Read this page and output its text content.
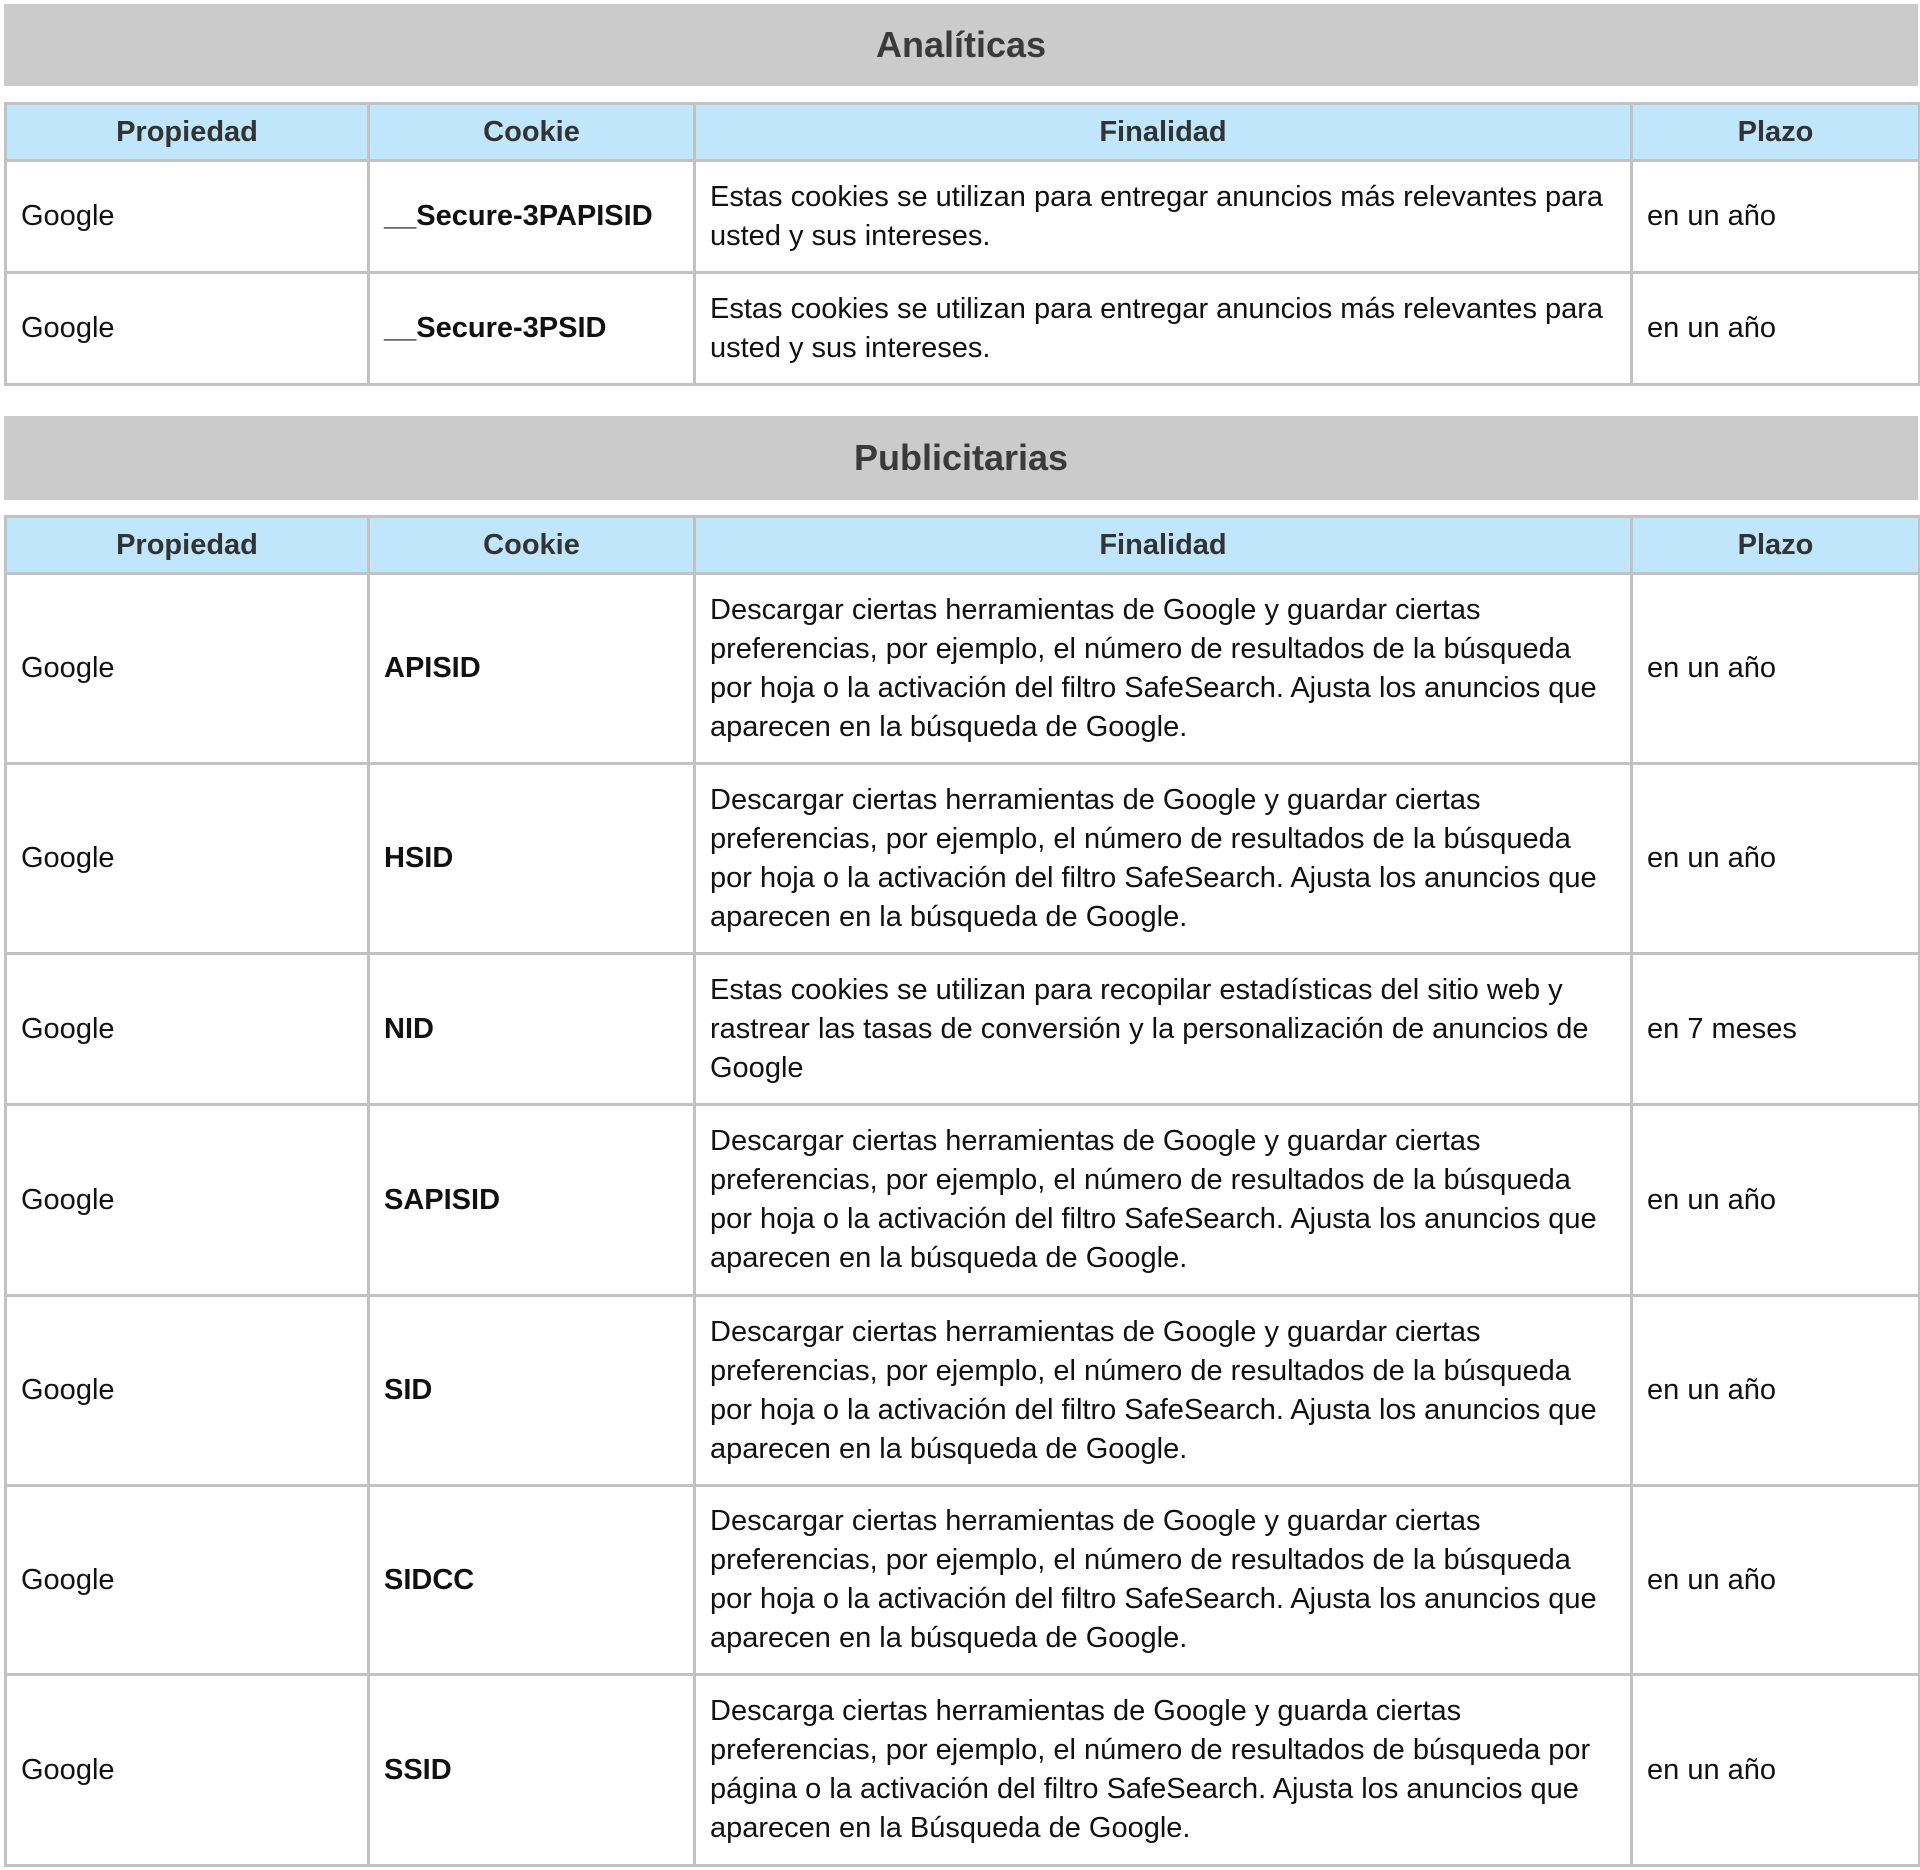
Analíticas
Propiedad	Cookie	Finalidad	Plazo
Google	__Secure-3PAPISID	Estas cookies se utilizan para entregar anuncios más relevantes para usted y sus intereses.	en un año
Google	__Secure-3PSID	Estas cookies se utilizan para entregar anuncios más relevantes para usted y sus intereses.	en un año
Publicitarias
Propiedad	Cookie	Finalidad	Plazo
Google	APISID	Descargar ciertas herramientas de Google y guardar ciertas preferencias, por ejemplo, el número de resultados de la búsqueda por hoja o la activación del filtro SafeSearch. Ajusta los anuncios que aparecen en la búsqueda de Google.	en un año
Google	HSID	Descargar ciertas herramientas de Google y guardar ciertas preferencias, por ejemplo, el número de resultados de la búsqueda por hoja o la activación del filtro SafeSearch. Ajusta los anuncios que aparecen en la búsqueda de Google.	en un año
Google	NID	Estas cookies se utilizan para recopilar estadísticas del sitio web y rastrear las tasas de conversión y la personalización de anuncios de Google	en 7 meses
Google	SAPISID	Descargar ciertas herramientas de Google y guardar ciertas preferencias, por ejemplo, el número de resultados de la búsqueda por hoja o la activación del filtro SafeSearch. Ajusta los anuncios que aparecen en la búsqueda de Google.	en un año
Google	SID	Descargar ciertas herramientas de Google y guardar ciertas preferencias, por ejemplo, el número de resultados de la búsqueda por hoja o la activación del filtro SafeSearch. Ajusta los anuncios que aparecen en la búsqueda de Google.	en un año
Google	SIDCC	Descargar ciertas herramientas de Google y guardar ciertas preferencias, por ejemplo, el número de resultados de la búsqueda por hoja o la activación del filtro SafeSearch. Ajusta los anuncios que aparecen en la búsqueda de Google.	en un año
Google	SSID	Descarga ciertas herramientas de Google y guarda ciertas preferencias, por ejemplo, el número de resultados de búsqueda por página o la activación del filtro SafeSearch. Ajusta los anuncios que aparecen en la Búsqueda de Google.	en un año
